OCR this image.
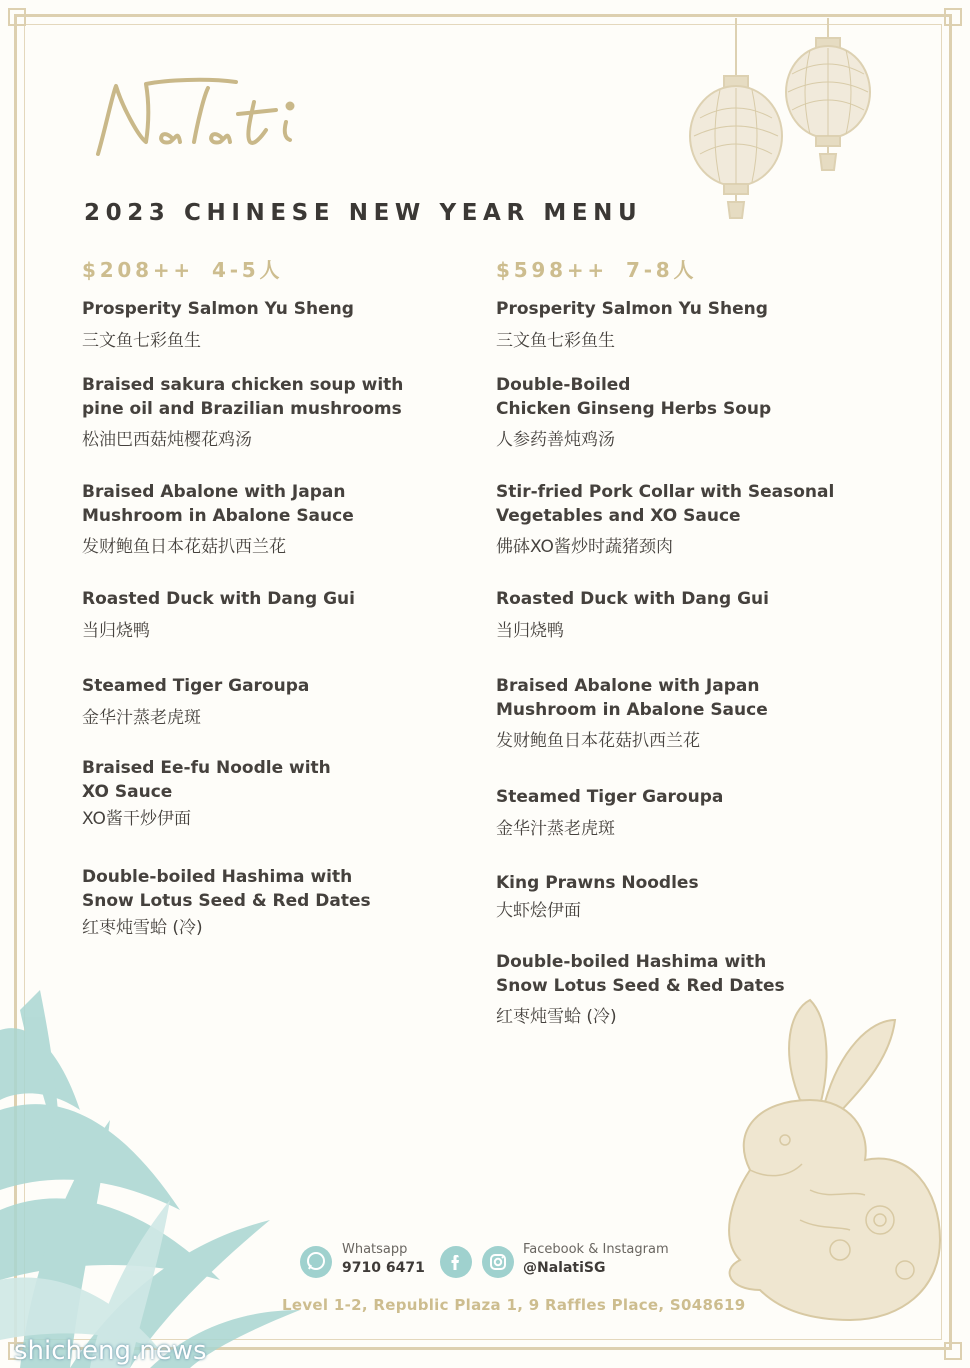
2023 CHINESE NEW YEAR MENU
$208++ 4-5人
Prosperity Salmon Yu Sheng
三文鱼七彩鱼生
Braised sakura chicken soup with
pine oil and Brazilian mushrooms
松油巴西菇炖樱花鸡汤
Braised Abalone with Japan
Mushroom in Abalone Sauce
发财鲍鱼日本花菇扒西兰花
Roasted Duck with Dang Gui
当归烧鸭
Steamed Tiger Garoupa
金华汁蒸老虎斑
Braised Ee-fu Noodle with
XO Sauce
XO酱干炒伊面
Double-boiled Hashima with
Snow Lotus Seed & Red Dates
红枣炖雪蛤 (冷)
$598++ 7-8人
Prosperity Salmon Yu Sheng
三文鱼七彩鱼生
Double-Boiled
Chicken Ginseng Herbs Soup
人参药善炖鸡汤
Stir-fried Pork Collar with Seasonal
Vegetables and XO Sauce
佛砵XO酱炒时蔬猪颈肉
Roasted Duck with Dang Gui
当归烧鸭
Braised Abalone with Japan
Mushroom in Abalone Sauce
发财鲍鱼日本花菇扒西兰花
Steamed Tiger Garoupa
金华汁蒸老虎斑
King Prawns Noodles
大虾烩伊面
Double-boiled Hashima with
Snow Lotus Seed & Red Dates
红枣炖雪蛤 (冷)
Whatsapp
9710 6471
Facebook & Instagram
@NalatiSG
Level 1-2, Republic Plaza 1, 9 Raffles Place, S048619
shicheng.news
